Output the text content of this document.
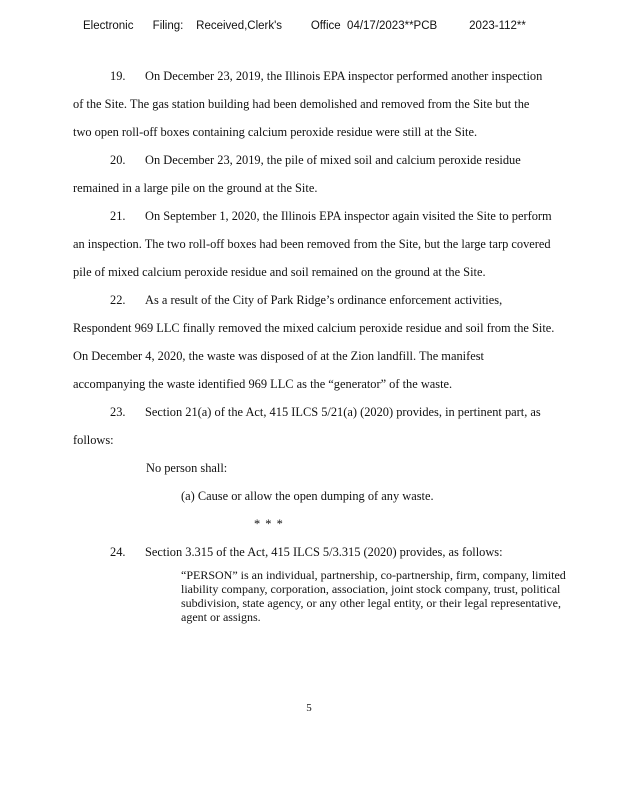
Electronic Filing: Received,Clerk's	Office 04/17/2023**PCB	2023-112**
19. On December 23, 2019, the Illinois EPA inspector performed another inspection
of the Site. The gas station building had been demolished and removed from the Site but the
two open roll-off boxes containing calcium peroxide residue were still at the Site.
20. On December 23, 2019, the pile of mixed soil and calcium peroxide residue
remained in a large pile on the ground at the Site.
21. On September 1, 2020, the Illinois EPA inspector again visited the Site to perform
an inspection. The two roll-off boxes had been removed from the Site, but the large tarp covered
pile of mixed calcium peroxide residue and soil remained on the ground at the Site.
22. As a result of the City of Park Ridge’s ordinance enforcement activities,
Respondent 969 LLC finally removed the mixed calcium peroxide residue and soil from the Site.
On December 4, 2020, the waste was disposed of at the Zion landfill. The manifest
accompanying the waste identified 969 LLC as the “generator” of the waste.
23. Section 21(a) of the Act, 415 ILCS 5/21(a) (2020) provides, in pertinent part, as
follows:
No person shall:
(a) Cause or allow the open dumping of any waste.
* * *
24. Section 3.315 of the Act, 415 ILCS 5/3.315 (2020) provides, as follows:
“PERSON” is an individual, partnership, co-partnership, firm, company, limited liability company, corporation, association, joint stock company, trust, political subdivision, state agency, or any other legal entity, or their legal representative, agent or assigns.
5
